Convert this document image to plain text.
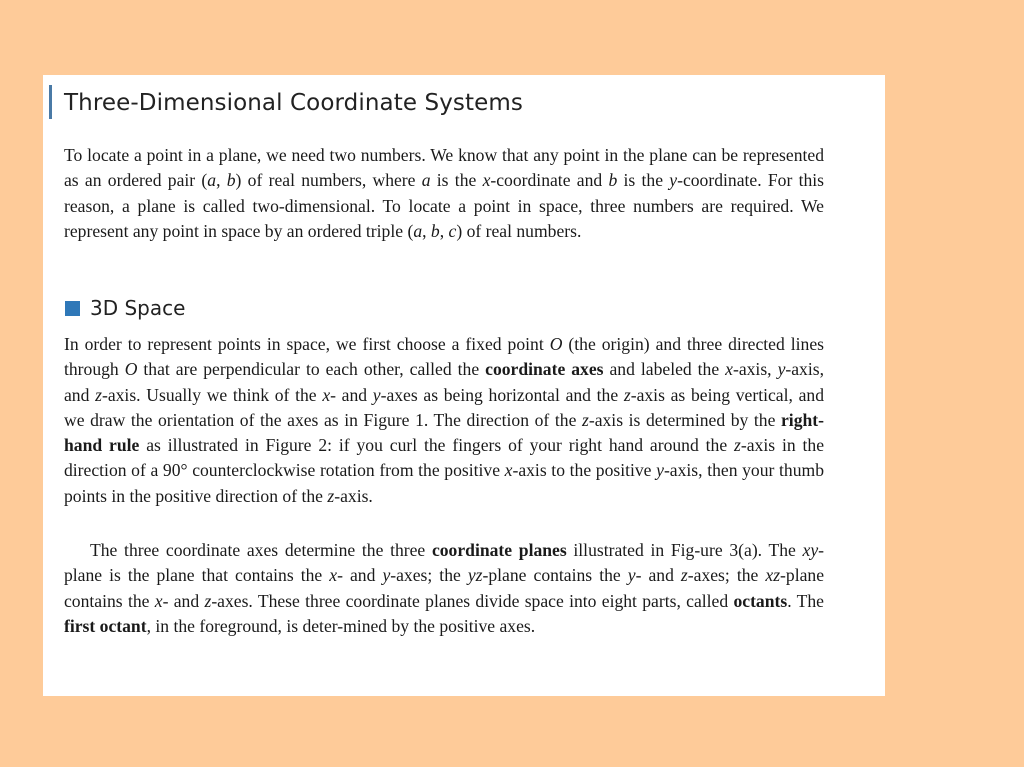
Three-Dimensional Coordinate Systems

To locate a point in a plane, we need two numbers. We know that any point in the plane can be represented as an ordered pair (a, b) of real numbers, where a is the x-coordinate and b is the y-coordinate. For this reason, a plane is called two-dimensional. To locate a point in space, three numbers are required. We represent any point in space by an ordered triple (a, b, c) of real numbers.

3D Space

In order to represent points in space, we first choose a fixed point O (the origin) and three directed lines through O that are perpendicular to each other, called the coordinate axes and labeled the x-axis, y-axis, and z-axis. Usually we think of the x- and y-axes as being horizontal and the z-axis as being vertical, and we draw the orientation of the axes as in Figure 1. The direction of the z-axis is determined by the right-hand rule as illustrated in Figure 2: if you curl the fingers of your right hand around the z-axis in the direction of a 90° counterclockwise rotation from the positive x-axis to the positive y-axis, then your thumb points in the positive direction of the z-axis.

The three coordinate axes determine the three coordinate planes illustrated in Fig-ure 3(a). The xy-plane is the plane that contains the x- and y-axes; the yz-plane contains the y- and z-axes; the xz-plane contains the x- and z-axes. These three coordinate planes divide space into eight parts, called octants. The first octant, in the foreground, is deter-mined by the positive axes.
